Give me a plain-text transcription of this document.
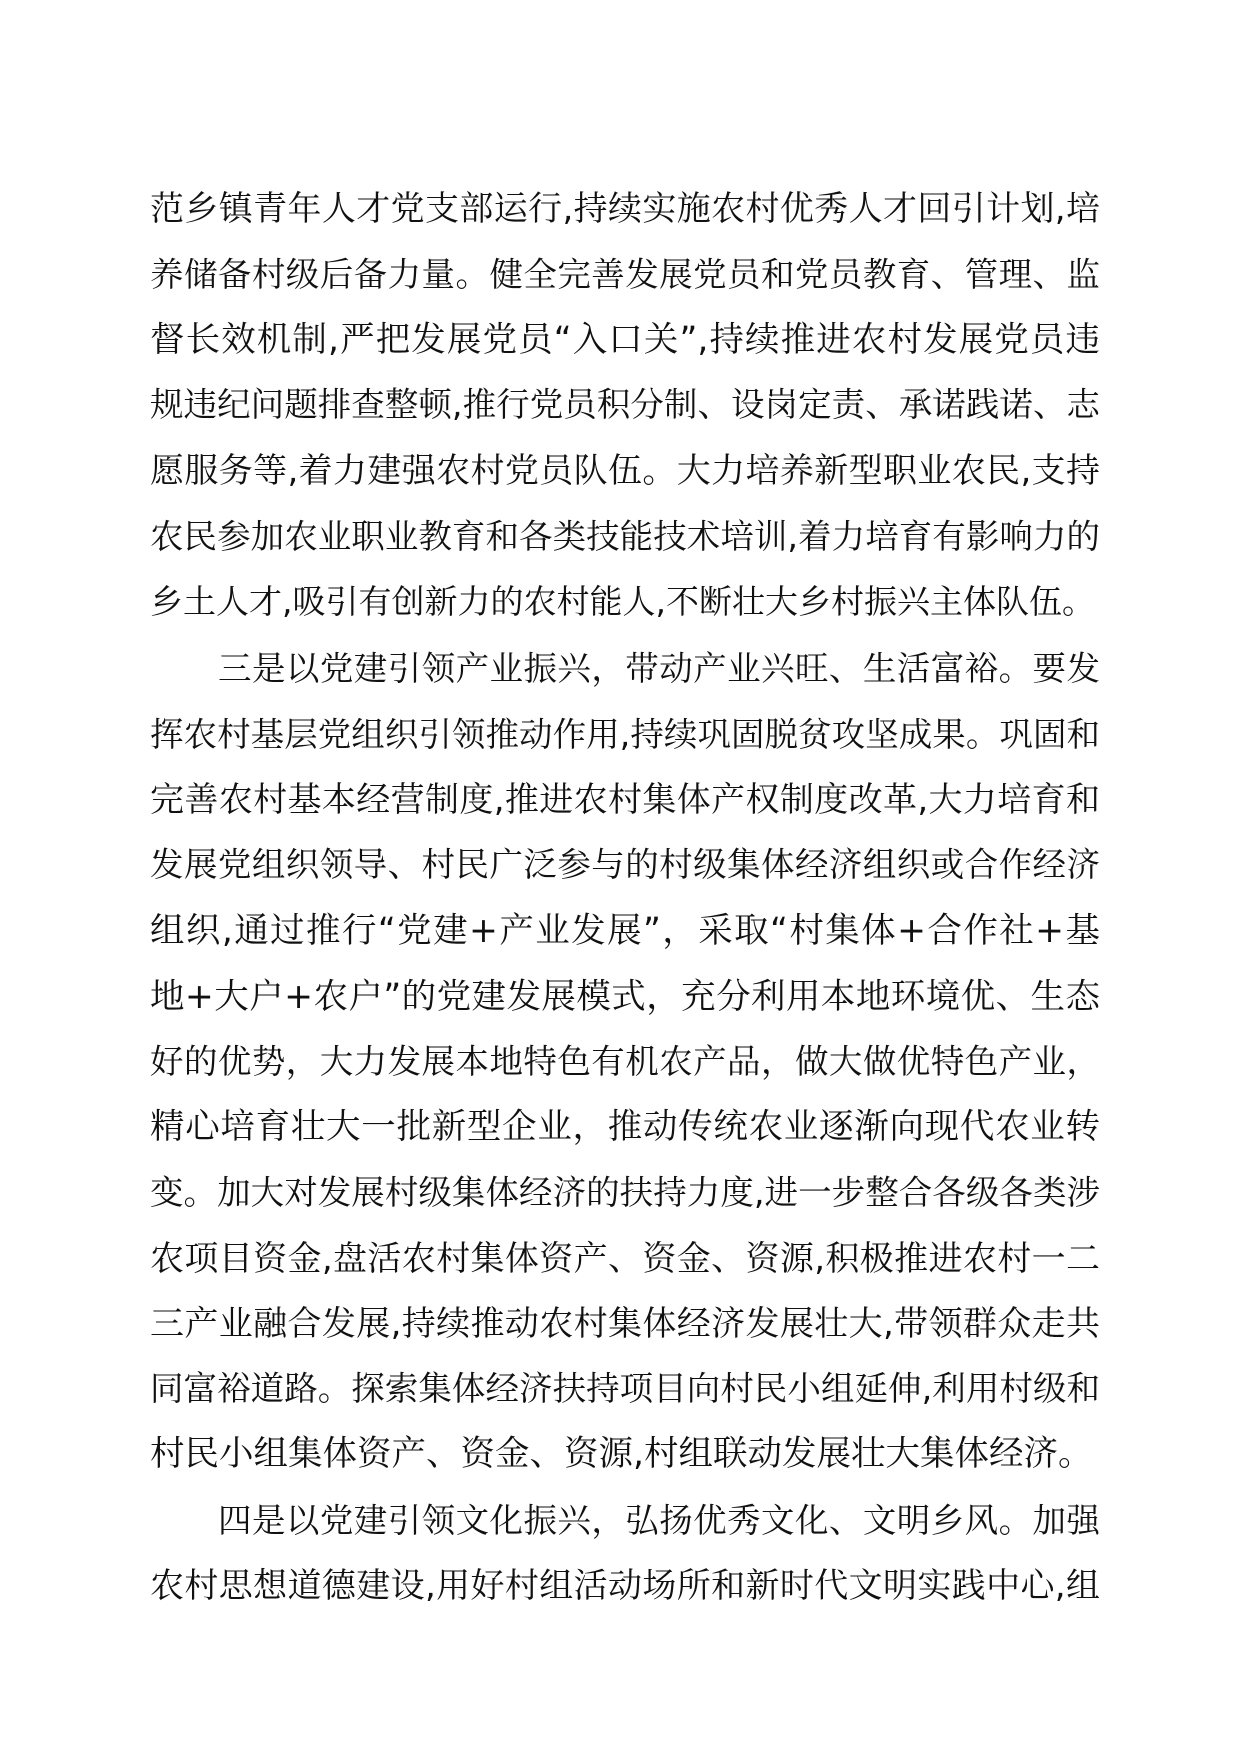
范乡镇青年人才党支部运行,持续实施农村优秀人才回引计划,培
养储备村级后备力量。健全完善发展党员和党员教育、管理、监
督长效机制,严把发展党员“入口关”,持续推进农村发展党员违
规违纪问题排查整顿,推行党员积分制、设岗定责、承诺践诺、志
愿服务等,着力建强农村党员队伍。大力培养新型职业农民,支持
农民参加农业职业教育和各类技能技术培训,着力培育有影响力的
乡土人才,吸引有创新力的农村能人,不断壮大乡村振兴主体队伍。
三是以党建引领产业振兴，带动产业兴旺、生活富裕。要发
挥农村基层党组织引领推动作用,持续巩固脱贫攻坚成果。巩固和
完善农村基本经营制度,推进农村集体产权制度改革,大力培育和
发展党组织领导、村民广泛参与的村级集体经济组织或合作经济
组织,通过推行“党建+产业发展”，采取“村集体+合作社+基
地+大户+农户”的党建发展模式，充分利用本地环境优、生态
好的优势，大力发展本地特色有机农产品，做大做优特色产业，
精心培育壮大一批新型企业，推动传统农业逐渐向现代农业转
变。加大对发展村级集体经济的扶持力度,进一步整合各级各类涉
农项目资金,盘活农村集体资产、资金、资源,积极推进农村一二
三产业融合发展,持续推动农村集体经济发展壮大,带领群众走共
同富裕道路。探索集体经济扶持项目向村民小组延伸,利用村级和
村民小组集体资产、资金、资源,村组联动发展壮大集体经济。
四是以党建引领文化振兴，弘扬优秀文化、文明乡风。加强
农村思想道德建设,用好村组活动场所和新时代文明实践中心,组
